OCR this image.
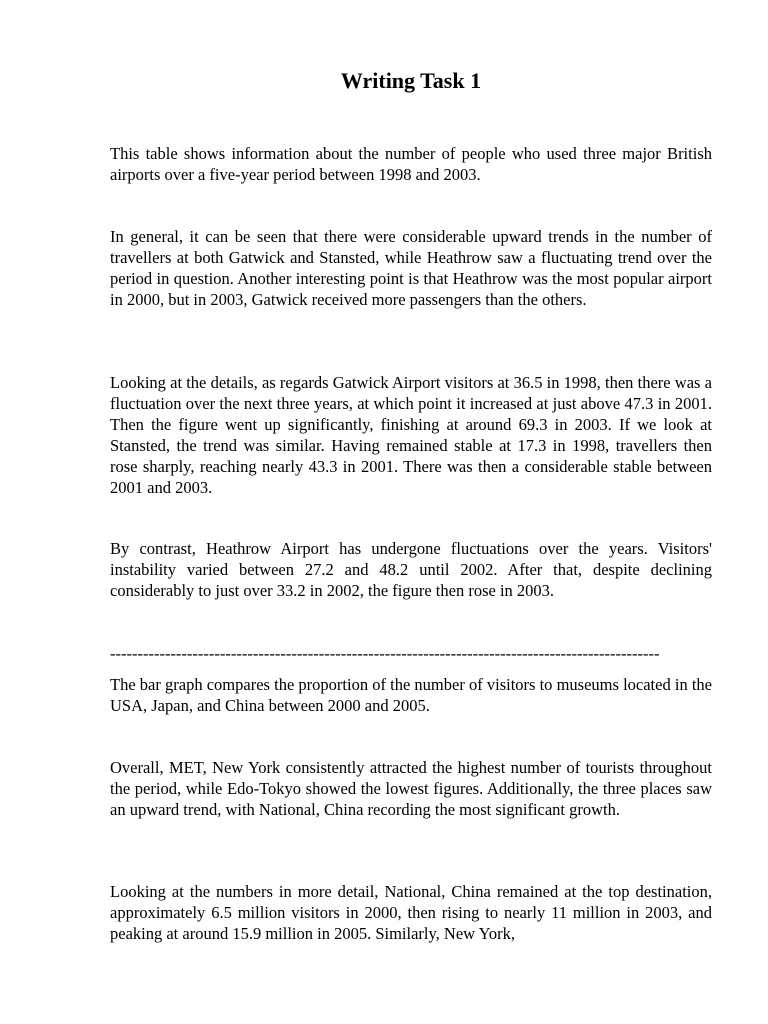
Writing Task 1

This table shows information about the number of people who used three major British airports over a five-year period between 1998 and 2003.

In general, it can be seen that there were considerable upward trends in the number of travellers at both Gatwick and Stansted, while Heathrow saw a fluctuating trend over the period in question. Another interesting point is that Heathrow was the most popular airport in 2000, but in 2003, Gatwick received more passengers than the others.

Looking at the details, as regards Gatwick Airport visitors at 36.5 in 1998, then there was a fluctuation over the next three years, at which point it increased at just above 47.3 in 2001. Then the figure went up significantly, finishing at around 69.3 in 2003. If we look at Stansted, the trend was similar. Having remained stable at 17.3 in 1998, travellers then rose sharply, reaching nearly 43.3 in 2001. There was then a considerable stable between 2001 and 2003.

By contrast, Heathrow Airport has undergone fluctuations over the years. Visitors' instability varied between 27.2 and 48.2 until 2002. After that, despite declining considerably to just over 33.2 in 2002, the figure then rose in 2003.

----------------------------------------------------------------------------------------------------

The bar graph compares the proportion of the number of visitors to museums located in the USA, Japan, and China between 2000 and 2005.

Overall, MET, New York consistently attracted the highest number of tourists throughout the period, while Edo-Tokyo showed the lowest figures. Additionally, the three places saw an upward trend, with National, China recording the most significant growth.

Looking at the numbers in more detail, National, China remained at the top destination, approximately 6.5 million visitors in 2000, then rising to nearly 11 million in 2003, and peaking at around 15.9 million in 2005. Similarly, New York,
